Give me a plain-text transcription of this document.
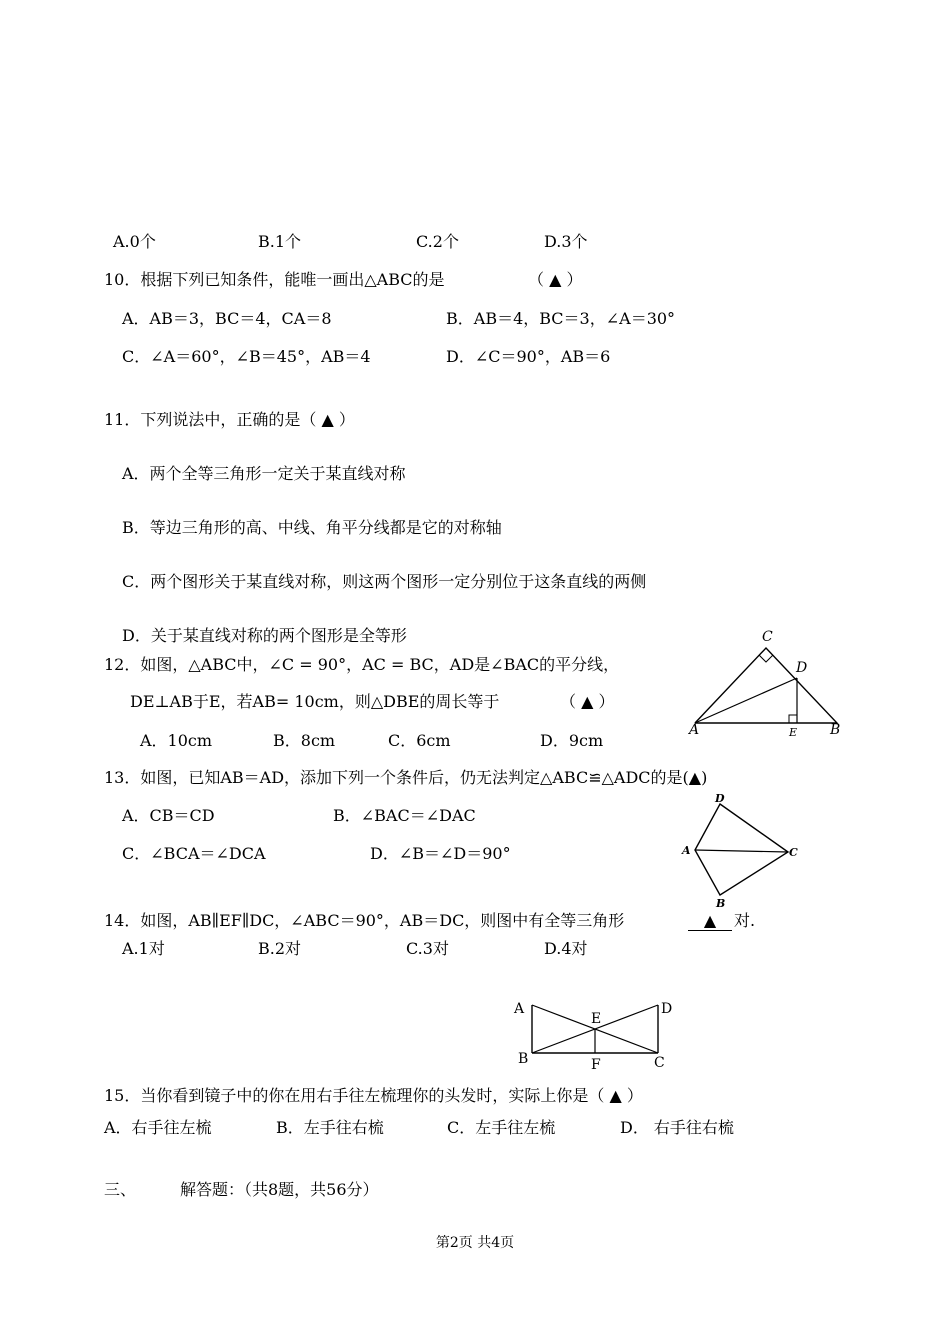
A.0个	B.1个	C.2个	D.3个
10．根据下列已知条件，能唯一画出△ABC的是	（ ▲ ）
A．AB＝3，BC＝4，CA＝8	B．AB＝4，BC＝3，∠A＝30°
C．∠A＝60°，∠B＝45°，AB＝4	D．∠C＝90°，AB＝6
11．下列说法中，正确的是（ ▲ ）
A．两个全等三角形一定关于某直线对称
B．等边三角形的高、中线、角平分线都是它的对称轴
C．两个图形关于某直线对称，则这两个图形一定分别位于这条直线的两侧
D．关于某直线对称的两个图形是全等形
12．如图，△ABC中，∠C = 90°，AC = BC，AD是∠BAC的平分线，
DE⊥AB于E，若AB= 10cm，则△DBE的周长等于	（ ▲ ）
A．10cm	B．8cm	C．6cm	D．9cm
C
D
A	E B
13．如图，已知AB＝AD，添加下列一个条件后，仍无法判定△ABC≌△ADC的是(▲)
A．CB＝CD	B．∠BAC＝∠DAC
C．∠BCA＝∠DCA	D．∠B＝∠D＝90°
D
A	C
B
14．如图，AB∥EF∥DC，∠ABC＝90°，AB＝DC，则图中有全等三角形	▲	对.
A.1对	B.2对	C.3对	D.4对
A
E
D
B	F	C
15．当你看到镜子中的你在用右手往左梳理你的头发时，实际上你是（ ▲ ）
A．右手往左梳	B．左手往右梳	C．左手往左梳	D． 右手往右梳
三、	解答题：（共8题，共56分）
第2页 共4页
